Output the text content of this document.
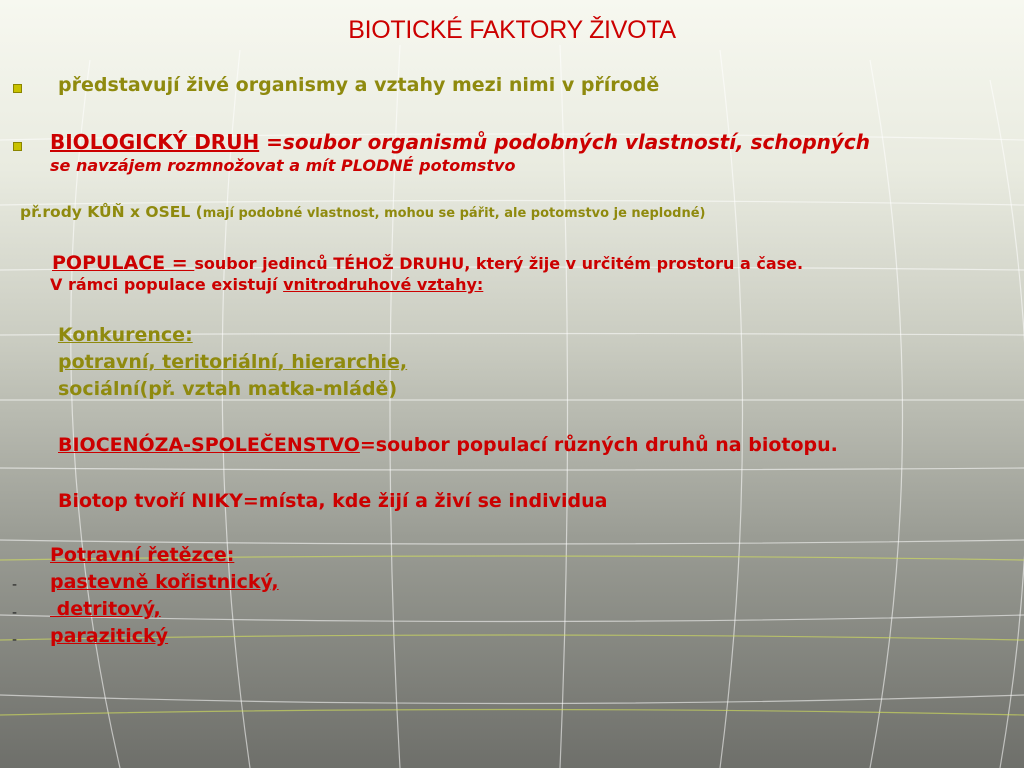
BIOTICKÉ FAKTORY ŽIVOTA
představují živé organismy a vztahy mezi nimi v přírodě
BIOLOGICKÝ DRUH =soubor organismů podobných vlastností, schopných
se navzájem rozmnožovat a mít PLODNÉ potomstvo
př.rody KŮŇ x OSEL (mají podobné vlastnost, mohou se pářit, ale potomstvo je neplodné)
POPULACE = soubor jedinců TÉHOŽ DRUHU, který žije v určitém prostoru a čase.
V rámci populace existují vnitrodruhové vztahy:
Konkurence:
potravní, teritoriální, hierarchie,
sociální(př. vztah matka-mládě)
BIOCENÓZA-SPOLEČENSTVO=soubor populací různých druhů na biotopu.
Biotop tvoří NIKY=místa, kde žijí a živí se individua
Potravní řetězce:
- pastevně kořistnický,
- detritový,
- parazitický
